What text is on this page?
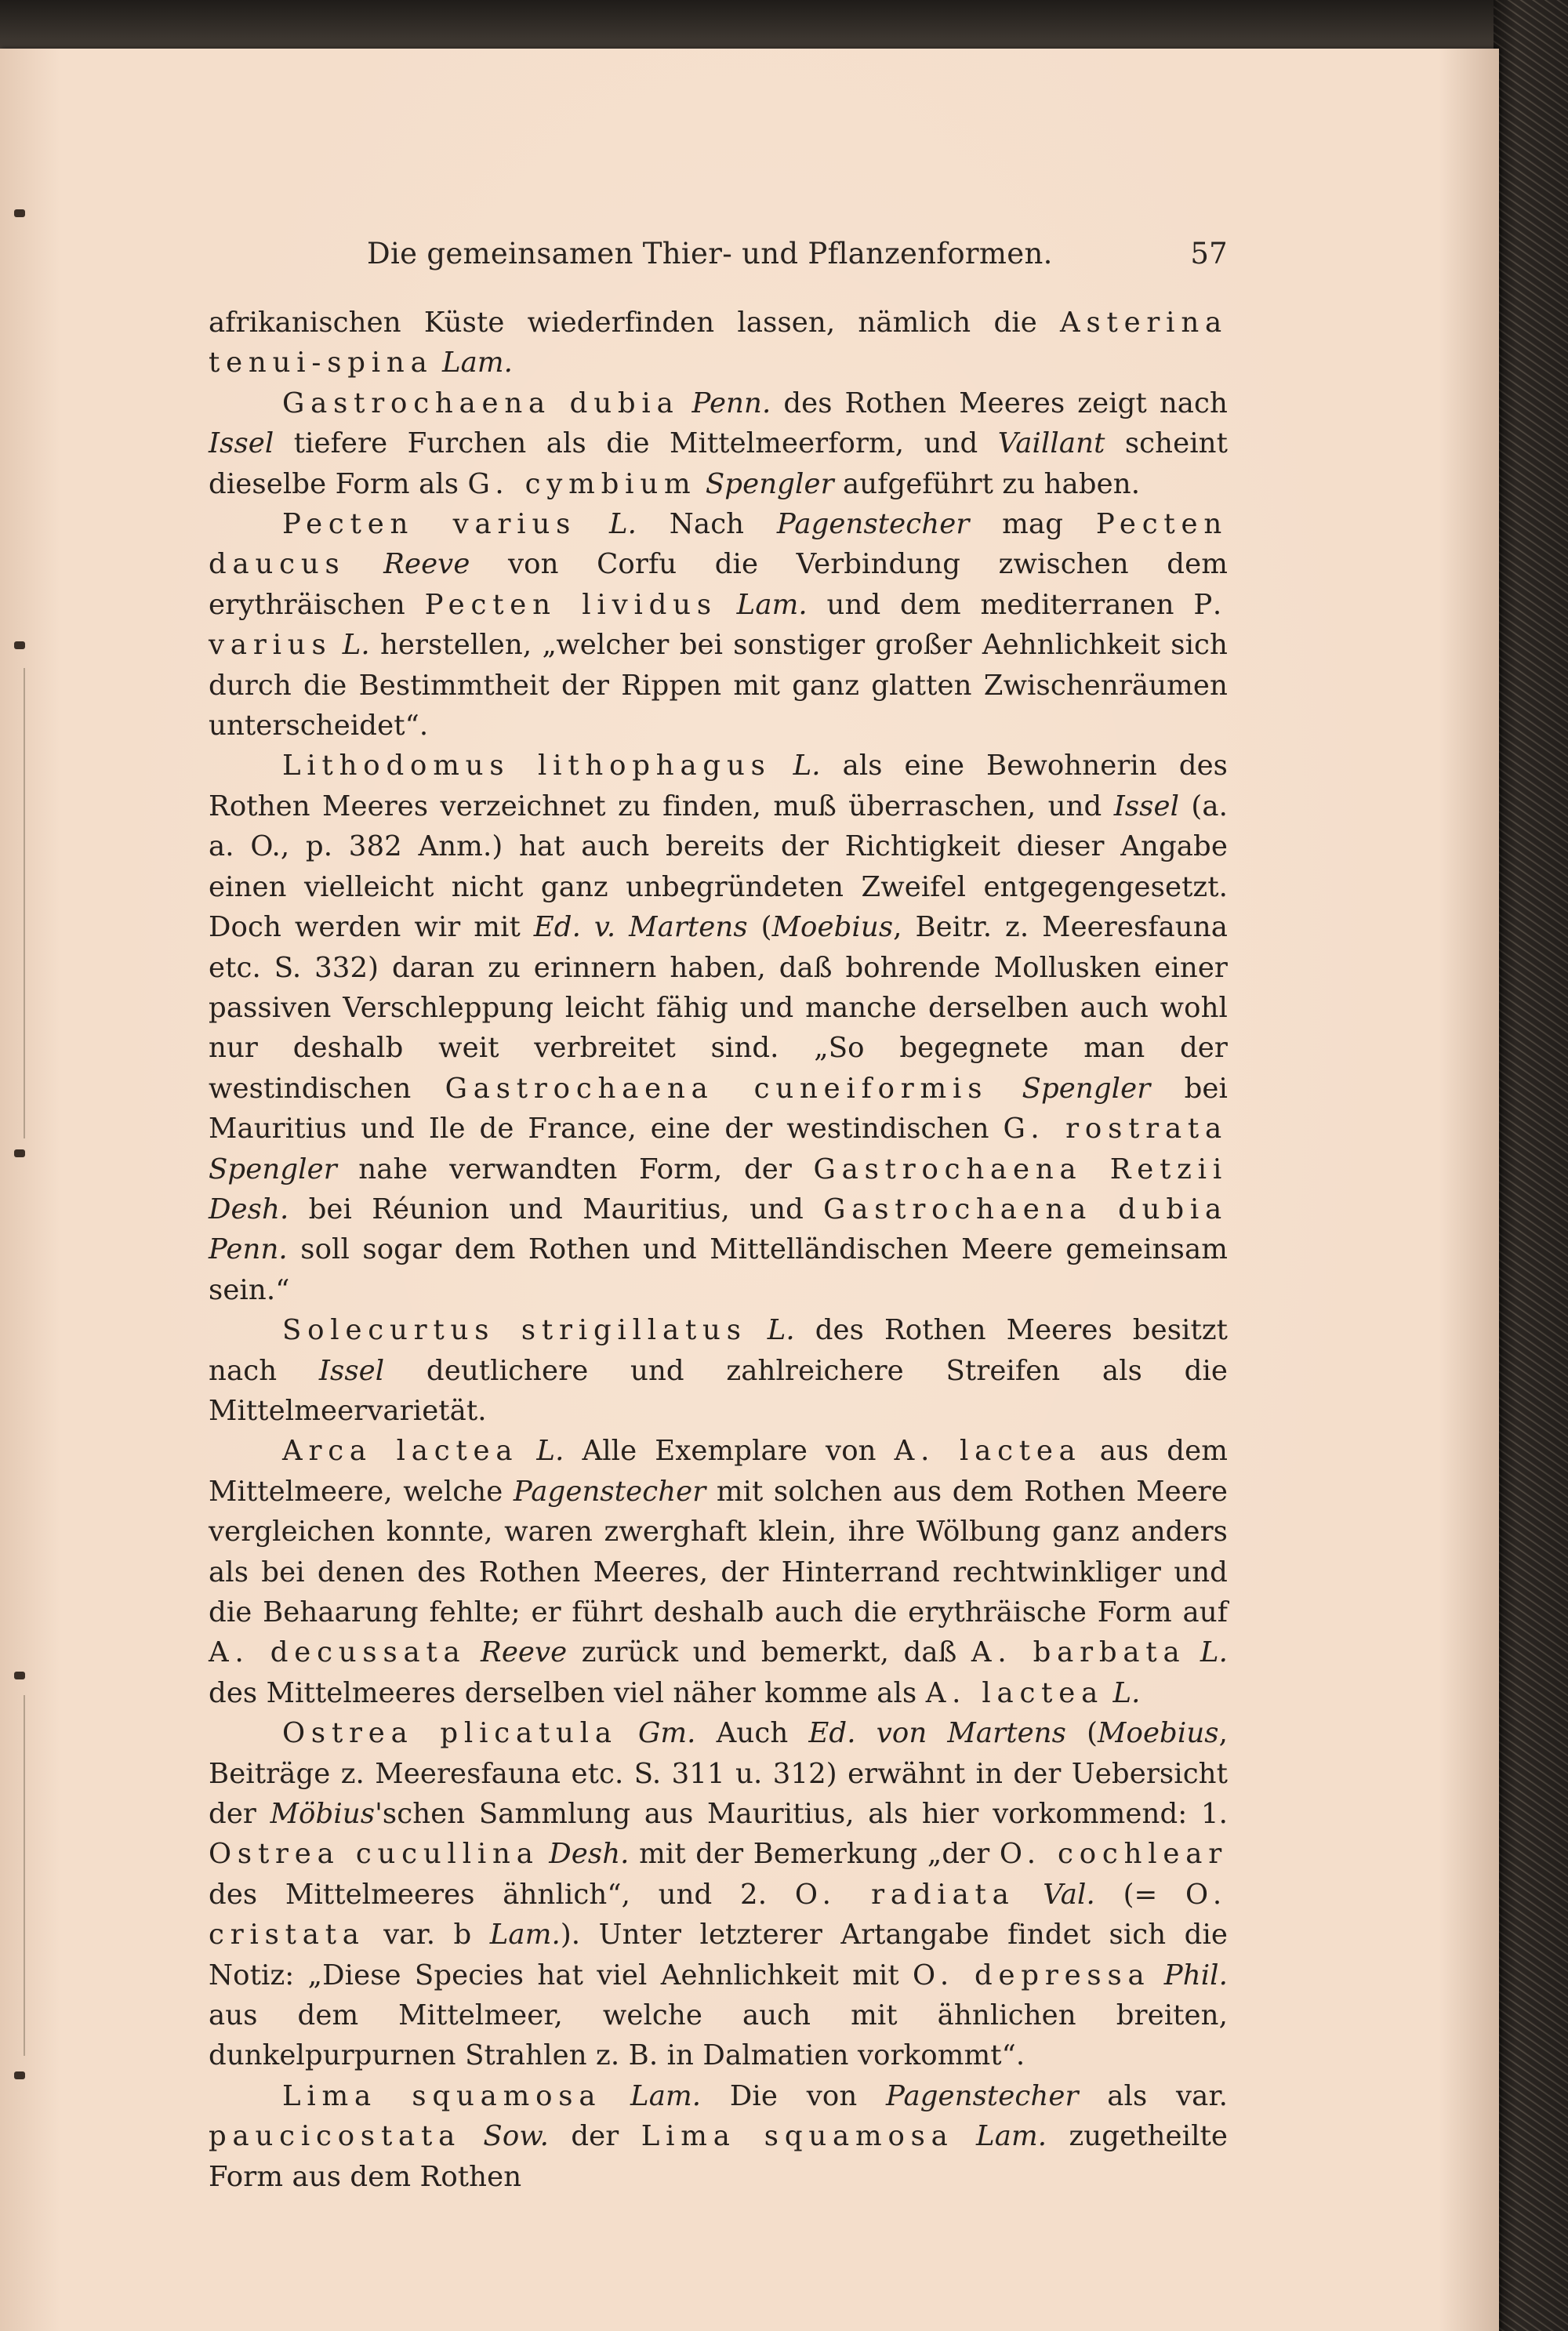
Die gemeinsamen Thier- und Pflanzenformen.	57

afrikanischen Küste wiederfinden lassen, nämlich die Asterina tenui-spina Lam.

Gastrochaena dubia Penn. des Rothen Meeres zeigt nach Issel tiefere Furchen als die Mittelmeerform, und Vaillant scheint dieselbe Form als G. cymbium Spengler aufgeführt zu haben.

Pecten varius L. Nach Pagenstecher mag Pecten daucus Reeve von Corfu die Verbindung zwischen dem erythräischen Pecten lividus Lam. und dem mediterranen P. varius L. herstellen, „welcher bei sonstiger großer Aehnlichkeit sich durch die Bestimmtheit der Rippen mit ganz glatten Zwischenräumen unterscheidet“.

Lithodomus lithophagus L. als eine Bewohnerin des Rothen Meeres verzeichnet zu finden, muß überraschen, und Issel (a. a. O., p. 382 Anm.) hat auch bereits der Richtigkeit dieser Angabe einen vielleicht nicht ganz unbegründeten Zweifel entgegengesetzt. Doch werden wir mit Ed. v. Martens (Moebius, Beitr. z. Meeresfauna etc. S. 332) daran zu erinnern haben, daß bohrende Mollusken einer passiven Verschleppung leicht fähig und manche derselben auch wohl nur deshalb weit verbreitet sind. „So begegnete man der westindischen Gastrochaena cuneiformis Spengler bei Mauritius und Ile de France, eine der westindischen G. rostrata Spengler nahe verwandten Form, der Gastrochaena Retzii Desh. bei Réunion und Mauritius, und Gastrochaena dubia Penn. soll sogar dem Rothen und Mittelländischen Meere gemeinsam sein.“

Solecurtus strigillatus L. des Rothen Meeres besitzt nach Issel deutlichere und zahlreichere Streifen als die Mittelmeervarietät.

Arca lactea L. Alle Exemplare von A. lactea aus dem Mittelmeere, welche Pagenstecher mit solchen aus dem Rothen Meere vergleichen konnte, waren zwerghaft klein, ihre Wölbung ganz anders als bei denen des Rothen Meeres, der Hinterrand rechtwinkliger und die Behaarung fehlte; er führt deshalb auch die erythräische Form auf A. decussata Reeve zurück und bemerkt, daß A. barbata L. des Mittelmeeres derselben viel näher komme als A. lactea L.

Ostrea plicatula Gm. Auch Ed. von Martens (Moebius, Beiträge z. Meeresfauna etc. S. 311 u. 312) erwähnt in der Uebersicht der Möbius'schen Sammlung aus Mauritius, als hier vorkommend: 1. Ostrea cucullina Desh. mit der Bemerkung „der O. cochlear des Mittelmeeres ähnlich“, und 2. O. radiata Val. (= O. cristata var. b Lam.). Unter letzterer Artangabe findet sich die Notiz: „Diese Species hat viel Aehnlichkeit mit O. depressa Phil. aus dem Mittelmeer, welche auch mit ähnlichen breiten, dunkelpurpurnen Strahlen z. B. in Dalmatien vorkommt“.

Lima squamosa Lam. Die von Pagenstecher als var. paucicostata Sow. der Lima squamosa Lam. zugetheilte Form aus dem Rothen
